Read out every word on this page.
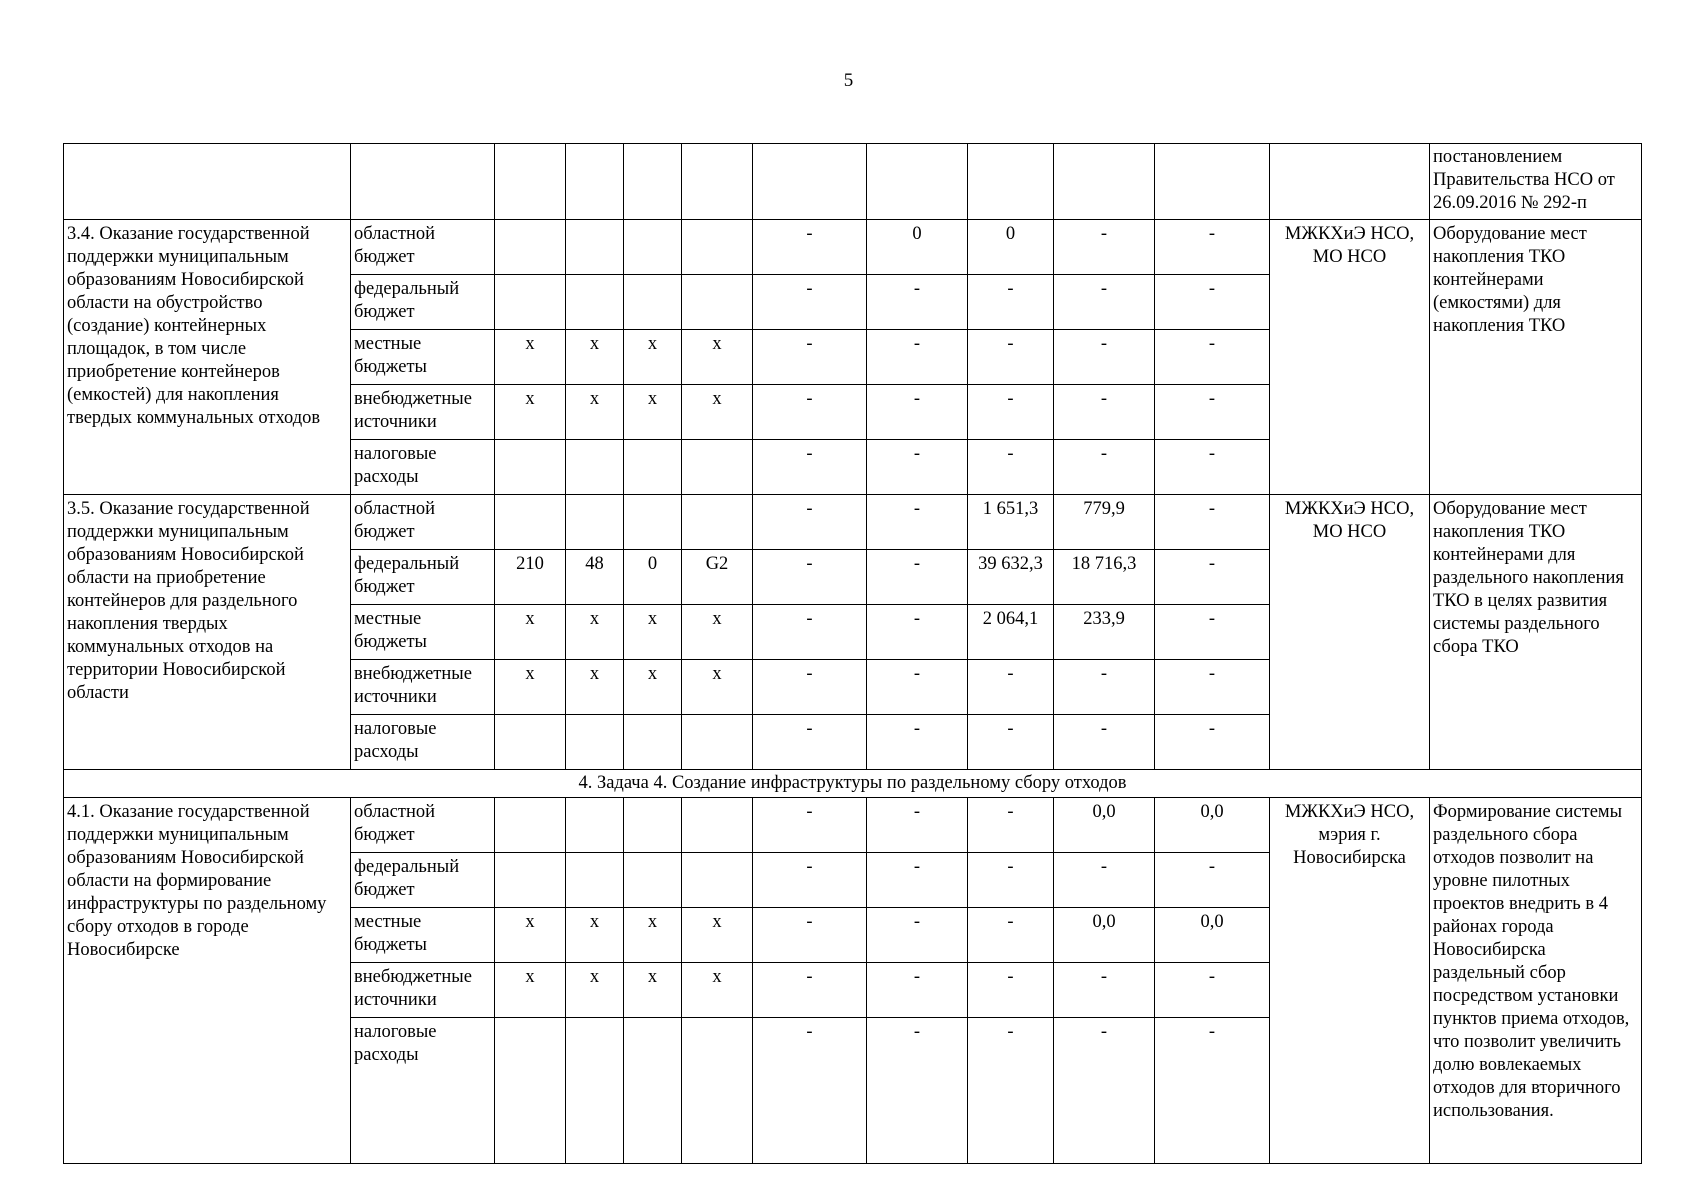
5
												постановлением Правительства НСО от 26.09.2016 № 292-п
3.4. Оказание государственной поддержки муниципальным образованиям Новосибирской области на обустройство (создание) контейнерных площадок, в том числе приобретение контейнеров (емкостей) для накопления твердых коммунальных отходов	областной бюджет					-	0	0	-	-	МЖКХиЭ НСО, МО НСО	Оборудование мест накопления ТКО контейнерами (емкостями) для накопления ТКО
	федеральный бюджет					-	-	-	-	-		
	местные бюджеты	x	x	x	x	-	-	-	-	-		
	внебюджетные источники	x	x	x	x	-	-	-	-	-		
	налоговые расходы					-	-	-	-	-		
3.5. Оказание государственной поддержки муниципальным образованиям Новосибирской области на приобретение контейнеров для раздельного накопления твердых коммунальных отходов на территории Новосибирской области	областной бюджет					-	-	1 651,3	779,9	-	МЖКХиЭ НСО, МО НСО	Оборудование мест накопления ТКО контейнерами для раздельного накопления ТКО в целях развития системы раздельного сбора ТКО
	федеральный бюджет	210	48	0	G2	-	-	39 632,3	18 716,3	-		
	местные бюджеты	x	x	x	x	-	-	2 064,1	233,9	-		
	внебюджетные источники	x	x	x	x	-	-	-	-	-		
	налоговые расходы					-	-	-	-	-		
4. Задача 4. Создание инфраструктуры по раздельному сбору отходов												
4.1. Оказание государственной поддержки муниципальным образованиям Новосибирской области на формирование инфраструктуры по раздельному сбору отходов в городе Новосибирске	областной бюджет					-	-	-	0,0	0,0	МЖКХиЭ НСО, мэрия г. Новосибирска	Формирование системы раздельного сбора отходов позволит на уровне пилотных проектов внедрить в 4 районах города Новосибирска раздельный сбор посредством установки пунктов приема отходов, что позволит увеличить долю вовлекаемых отходов для вторичного использования.
	федеральный бюджет					-	-	-	-	-		
	местные бюджеты	x	x	x	x	-	-	-	0,0	0,0		
	внебюджетные источники	x	x	x	x	-	-	-	-	-		
	налоговые расходы					-	-	-	-	-		
